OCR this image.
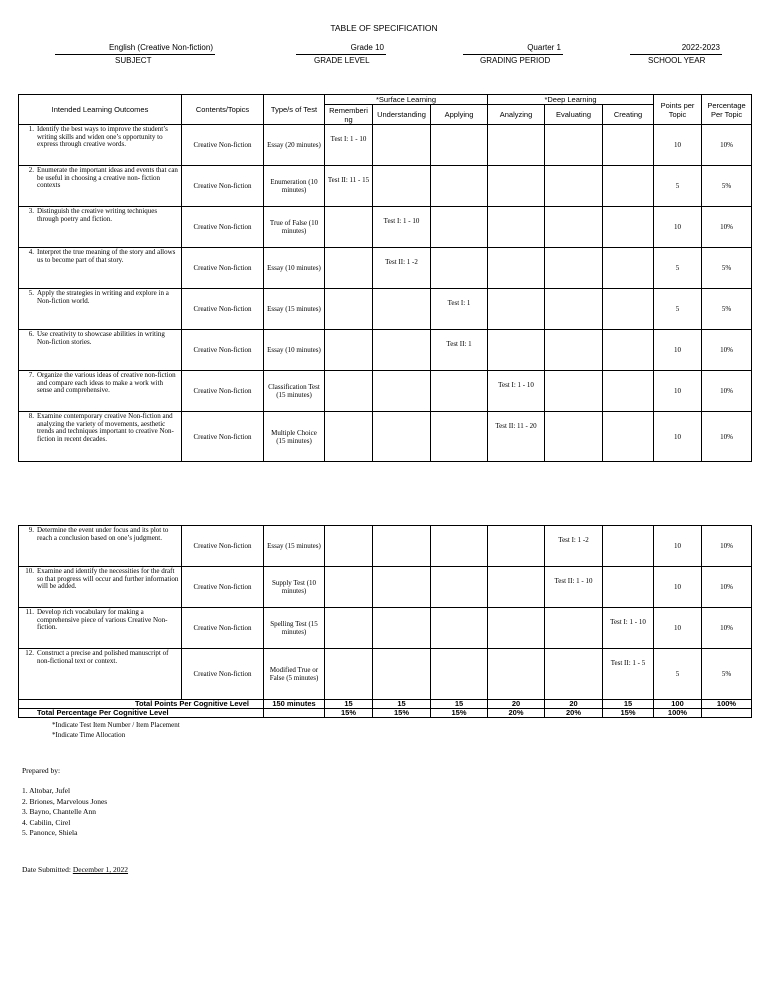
TABLE OF SPECIFICATION
English (Creative Non-fiction)
SUBJECT
Grade 10
GRADE LEVEL
Quarter 1
GRADING PERIOD
2022-2023
SCHOOL YEAR
Intended Learning Outcomes	Contents/Topics	Type/s of Test	*Surface Learning			*Deep Learning			Points per Topic	Percentage Per Topic
			Rememberi ng	Understanding	Applying	Analyzing	Evaluating	Creating		

1. Identify the best ways to improve the student’s writing skills and widen one’s opportunity to express through creative words.	Creative Non-fiction	Essay (20 minutes)	Test I: 1 - 10						10	10%

2. Enumerate the important ideas and events that can be useful in choosing a creative non- fiction contexts	Creative Non-fiction	Enumeration (10 minutes)	Test II: 11 - 15						5	5%

3. Distinguish the creative writing techniques through poetry and fiction.	Creative Non-fiction	True of False (10 minutes)		Test I: 1 - 10					10	10%

4. Interpret the true meaning of the story and allows us to become part of that story.	Creative Non-fiction	Essay (10 minutes)		Test II: 1 -2					5	5%

5. Apply the strategies in writing and explore in a Non-fiction world.	Creative Non-fiction	Essay (15 minutes)			Test I: 1				5	5%

6. Use creativity to showcase abilities in writing Non-fiction stories.	Creative Non-fiction	Essay (10 minutes)			Test II: 1				10	10%

7. Organize the various ideas of creative non-fiction and compare each ideas to make a work with sense and comprehensive.	Creative Non-fiction	Classification Test (15 minutes)				Test I: 1 - 10			10	10%

8. Examine contemporary creative Non-fiction and analyzing the variety of movements, aesthetic trends and techniques important to creative Non-fiction in recent decades.	Creative Non-fiction	Multiple Choice (15 minutes)				Test II: 11 - 20			10	10%
9. Determine the event under focus and its plot to reach a conclusion based on one’s judgment.	Creative Non-fiction	Essay (15 minutes)					Test I: 1 -2		10	10%

10. Examine and identify the necessities for the draft so that progress will occur and further information will be added.	Creative Non-fiction	Supply Test (10 minutes)					Test II: 1 - 10		10	10%

11. Develop rich vocabulary for making a comprehensive piece of various Creative Non-fiction.	Creative Non-fiction	Spelling Test (15 minutes)						Test I: 1 - 10	10	10%

12. Construct a precise and polished manuscript of non-fictional text or context.	Creative Non-fiction	Modified True or False (5 minutes)						Test II: 1 - 5	5	5%
Total Points Per Cognitive Level		150 minutes	15	15	15	20	20	15	100	100%
Total Percentage Per Cognitive Level			15%	15%	15%	20%	20%	15%	100%	
*Indicate Test Item Number / Item Placement
*Indicate Time Allocation
Prepared by:
1. Altobar, Jufel
2. Briones, Marvelous Jones
3. Bayno, Chantelle Ann
4. Cabilin, Cirel
5. Panonce, Shiela
Date Submitted: December 1, 2022
